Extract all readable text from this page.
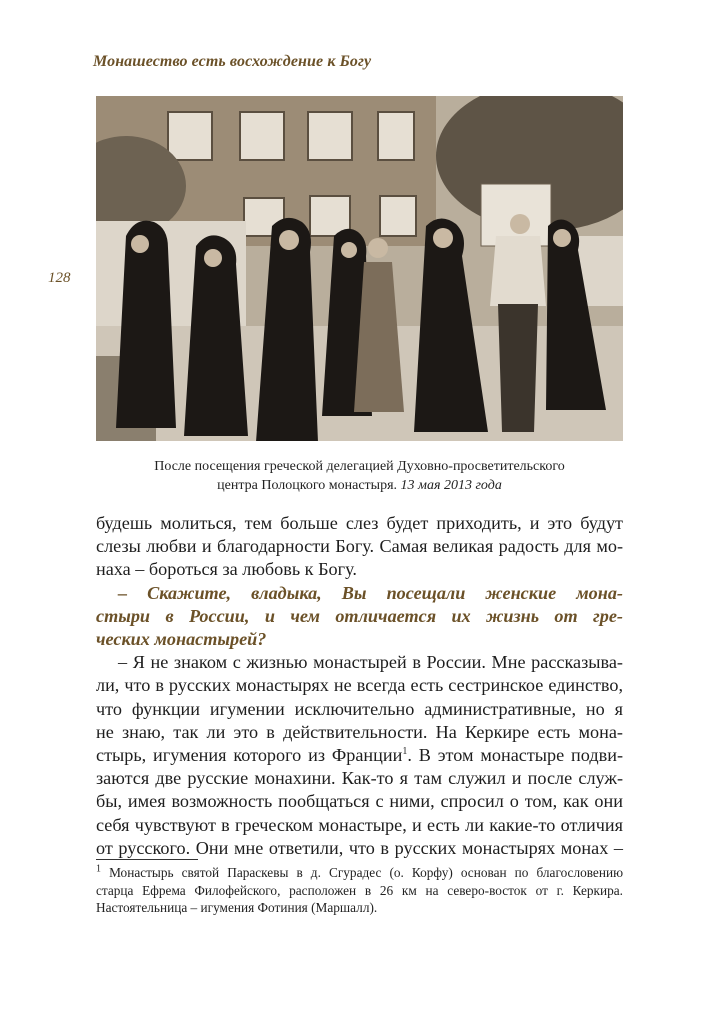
Монашество есть восхождение к Богу
128
После посещения греческой делегацией Духовно-просветительского
центра Полоцкого монастыря. 13 мая 2013 года

будешь молиться, тем больше слез будет приходить, и это будут
слезы любви и благодарности Богу. Самая великая радость для мо-
наха – бороться за любовь к Богу.

– Скажите, владыка, Вы посещали женские мона-
стыри в России, и чем отличается их жизнь от гре-
ческих монастырей?

– Я не знаком с жизнью монастырей в России. Мне рассказыва-
ли, что в русских монастырях не всегда есть сестринское единство,
что функции игумении исключительно административные, но я
не знаю, так ли это в действительности. На Керкире есть мона-
стырь, игумения которого из Франции$^1$. В этом монастыре подви-
заются две русские монахини. Как-то я там служил и после служ-
бы, имея возможность пообщаться с ними, спросил о том, как они
себя чувствуют в греческом монастыре, и есть ли какие-то отличия
от русского. Они мне ответили, что в русских монастырях монах –

$^1$ Монастырь святой Параскевы в д. Сгурадес (о. Корфу) основан по благословению
старца Ефрема Филофейского, расположен в 26 км на северо-восток от г. Керкира.
Настоятельница – игумения Фотиния (Маршалл).
